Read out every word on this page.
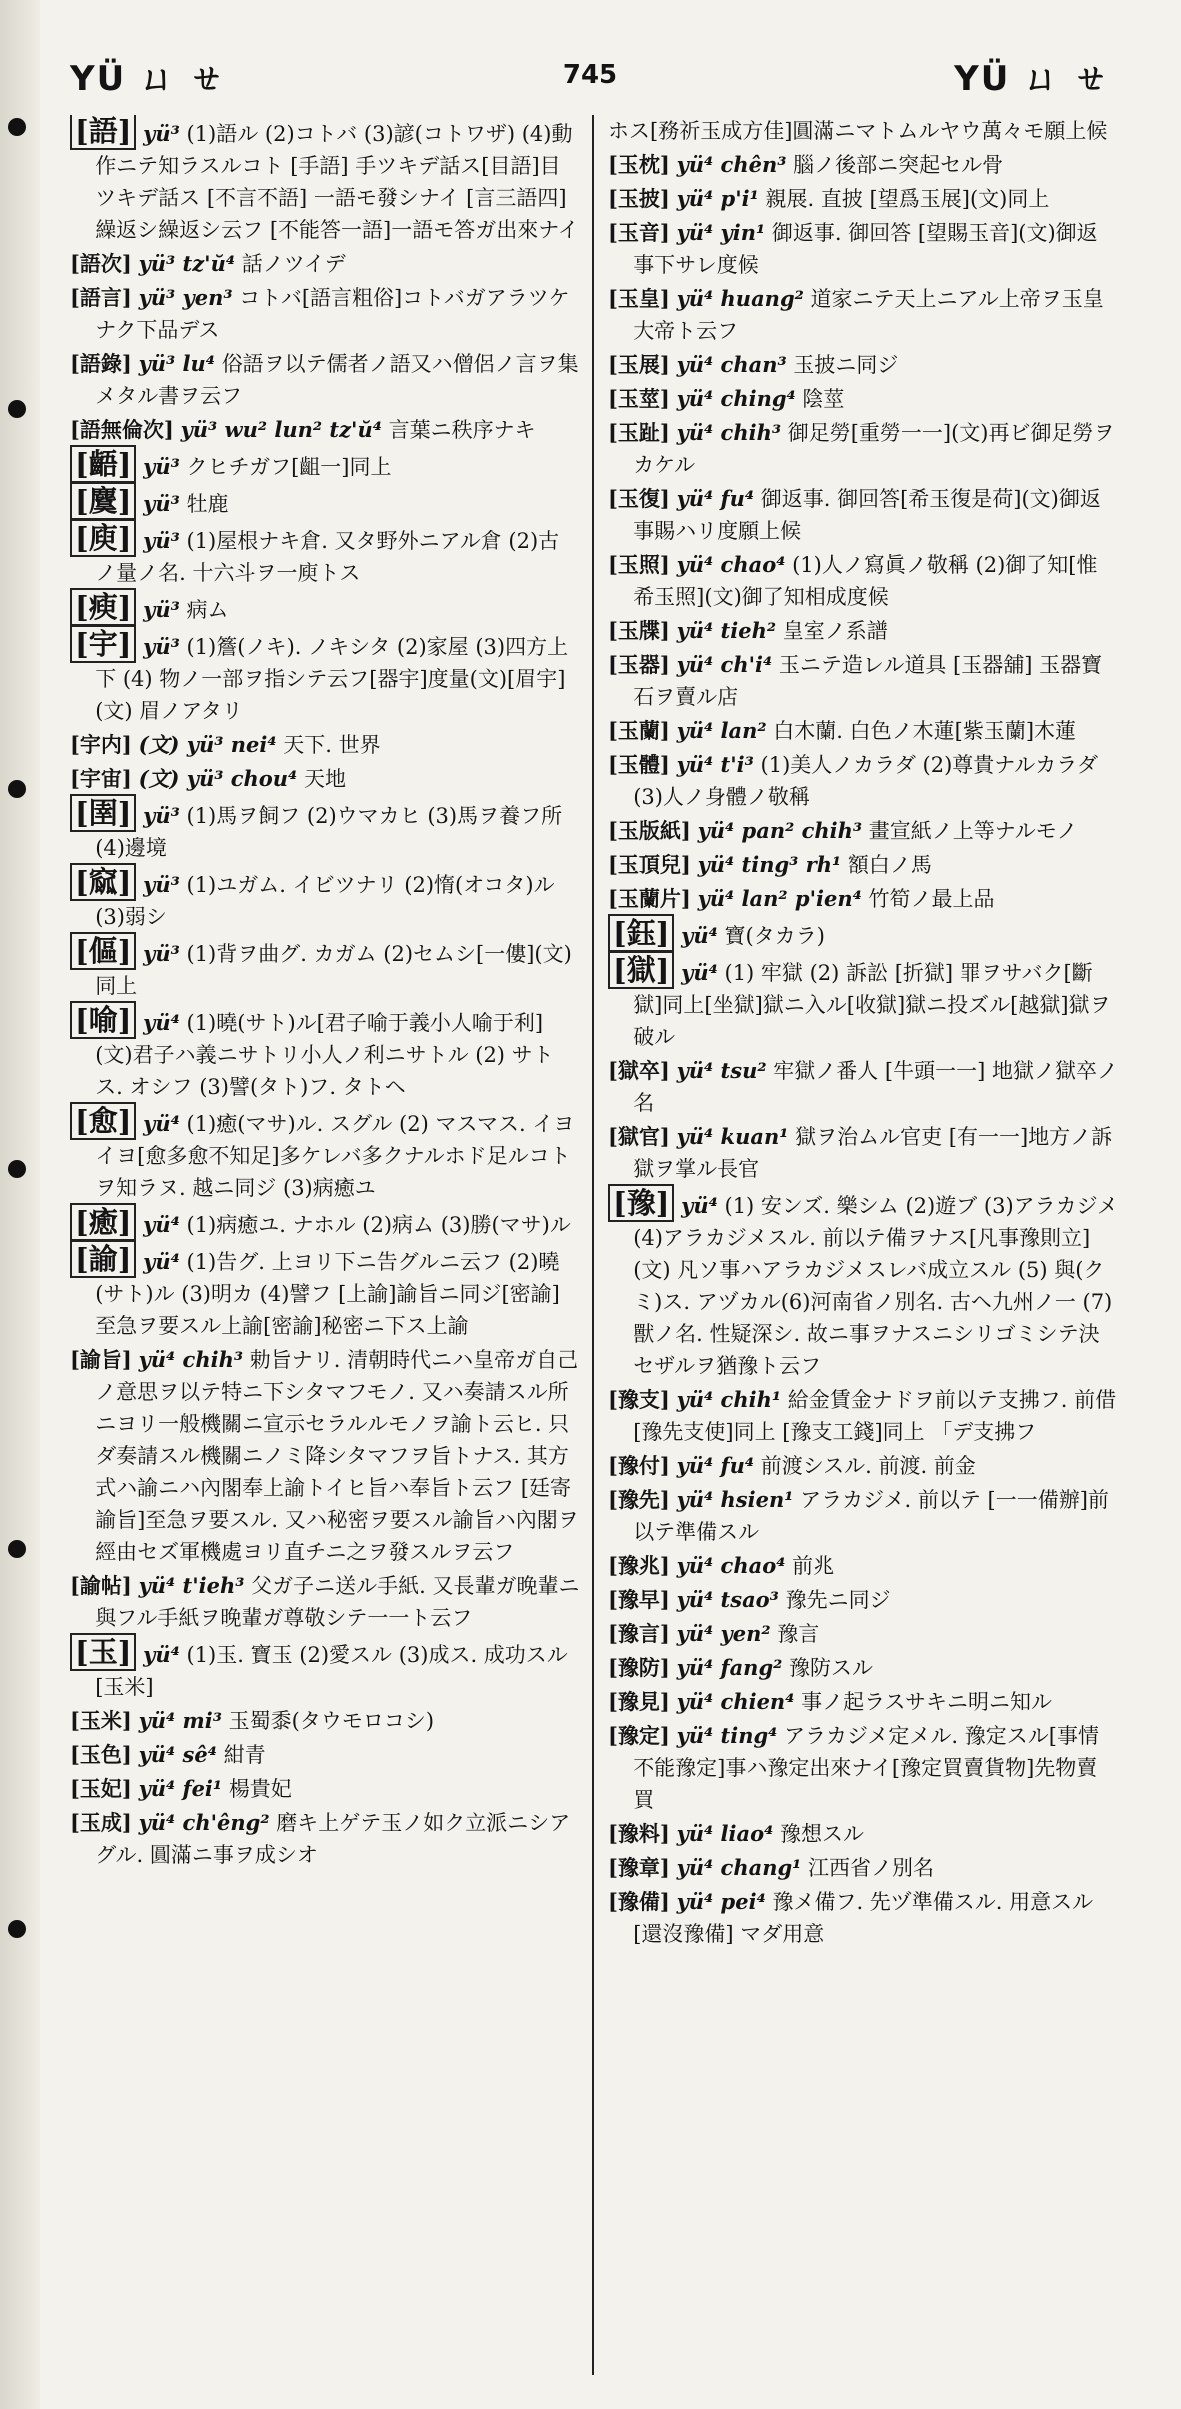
YÜ ㄩ ㄝ	745	YÜ ㄩ ㄝ
[語] yü³ (1)語ル (2)コトバ (3)諺(コトワザ) (4)動作ニテ知ラスルコト [手語] 手ツキデ話ス[目語]目ツキデ話ス [不言不語] 一語モ發シナイ [言三語四]繰返シ繰返シ云フ [不能答一語]一語モ答ガ出來ナイ
[語次] yü³ tz'ŭ⁴ 話ノツイデ
[語言] yü³ yen³ コトバ[語言粗俗]コトバガアラツケナク下品デス
[語錄] yü³ lu⁴ 俗語ヲ以テ儒者ノ語又ハ僧侶ノ言ヲ集メタル書ヲ云フ
[語無倫次] yü³ wu² lun² tz'ŭ⁴ 言葉ニ秩序ナキ
[齬] yü³ クヒチガフ[齟一]同上
[麌] yü³ 牡鹿
[庾] yü³ (1)屋根ナキ倉. 又タ野外ニアル倉 (2)古ノ量ノ名. 十六斗ヲ一庾トス
[瘐] yü³ 病ム
[宇] yü³ (1)簷(ノキ). ノキシタ (2)家屋 (3)四方上下 (4) 物ノ一部ヲ指シテ云フ[器宇]度量(文)[眉宇] (文) 眉ノアタリ
[宇内] (文) yü³ nei⁴ 天下. 世界
[宇宙] (文) yü³ chou⁴ 天地
[圉] yü³ (1)馬ヲ飼フ (2)ウマカヒ (3)馬ヲ養フ所 (4)邊境
[窳] yü³ (1)ユガム. イビツナリ (2)惰(オコタ)ル (3)弱シ
[傴] yü³ (1)背ヲ曲グ. カガム (2)セムシ[一僂](文)同上
[喻] yü⁴ (1)曉(サト)ル[君子喻于義小人喻于利](文)君子ハ義ニサトリ小人ノ利ニサトル (2) サトス. オシフ (3)譬(タト)フ. タトヘ
[愈] yü⁴ (1)癒(マサ)ル. スグル (2) マスマス. イヨイヨ[愈多愈不知足]多ケレバ多クナルホド足ルコトヲ知ラヌ. 越ニ同ジ (3)病癒ユ
[癒] yü⁴ (1)病癒ユ. ナホル (2)病ム (3)勝(マサ)ル
[諭] yü⁴ (1)告グ. 上ヨリ下ニ告グルニ云フ (2)曉(サト)ル (3)明カ (4)譬フ [上諭]諭旨ニ同ジ[密諭]至急ヲ要スル上諭[密諭]秘密ニ下ス上諭
[諭旨] yü⁴ chih³ 勅旨ナリ. 清朝時代ニハ皇帝ガ自己ノ意思ヲ以テ特ニ下シタマフモノ. 又ハ奏請スル所ニヨリ一般機關ニ宣示セラルルモノヲ諭ト云ヒ. 只ダ奏請スル機關ニノミ降シタマフヲ旨トナス. 其方式ハ諭ニハ內閣奉上諭トイヒ旨ハ奉旨ト云フ [廷寄諭旨]至急ヲ要スル. 又ハ秘密ヲ要スル諭旨ハ內閣ヲ經由セズ軍機處ヨリ直チニ之ヲ發スルヲ云フ
[諭帖] yü⁴ t'ieh³ 父ガ子ニ送ル手紙. 又長輩ガ晚輩ニ與フル手紙ヲ晚輩ガ尊敬シテ一一ト云フ
[玉] yü⁴ (1)玉. 寶玉 (2)愛スル (3)成ス. 成功スル [玉米]
[玉米] yü⁴ mi³ 玉蜀黍(タウモロコシ)
[玉色] yü⁴ sê⁴ 紺青
[玉妃] yü⁴ fei¹ 楊貴妃
[玉成] yü⁴ ch'êng² 磨キ上ゲテ玉ノ如ク立派ニシアグル. 圓滿ニ事ヲ成シオ
ホス[務祈玉成方佳]圓滿ニマトムルヤウ萬々モ願上候
[玉枕] yü⁴ chên³ 腦ノ後部ニ突起セル骨
[玉披] yü⁴ p'i¹ 親展. 直披 [望爲玉展](文)同上
[玉音] yü⁴ yin¹ 御返事. 御回答 [望賜玉音](文)御返事下サレ度候
[玉皇] yü⁴ huang² 道家ニテ天上ニアル上帝ヲ玉皇大帝ト云フ
[玉展] yü⁴ chan³ 玉披ニ同ジ
[玉莖] yü⁴ ching⁴ 陰莖
[玉趾] yü⁴ chih³ 御足勞[重勞一一](文)再ビ御足勞ヲカケル
[玉復] yü⁴ fu⁴ 御返事. 御回答[希玉復是荷](文)御返事賜ハリ度願上候
[玉照] yü⁴ chao⁴ (1)人ノ寫眞ノ敬稱 (2)御了知[惟希玉照](文)御了知相成度候
[玉牒] yü⁴ tieh² 皇室ノ系譜
[玉器] yü⁴ ch'i⁴ 玉ニテ造レル道具 [玉器舖] 玉器寶石ヲ賣ル店
[玉蘭] yü⁴ lan² 白木蘭. 白色ノ木蓮[紫玉蘭]木蓮
[玉體] yü⁴ t'i³ (1)美人ノカラダ (2)尊貴ナルカラダ (3)人ノ身體ノ敬稱
[玉版紙] yü⁴ pan² chih³ 畫宣紙ノ上等ナルモノ
[玉頂兒] yü⁴ ting³ rh¹ 額白ノ馬
[玉蘭片] yü⁴ lan² p'ien⁴ 竹筍ノ最上品
[鈺] yü⁴ 寶(タカラ)
[獄] yü⁴ (1) 牢獄 (2) 訴訟 [折獄] 罪ヲサバク[斷獄]同上[坐獄]獄ニ入ル[收獄]獄ニ投ズル[越獄]獄ヲ破ル
[獄卒] yü⁴ tsu² 牢獄ノ番人 [牛頭一一] 地獄ノ獄卒ノ名
[獄官] yü⁴ kuan¹ 獄ヲ治ムル官吏 [有一一]地方ノ訴獄ヲ掌ル長官
[豫] yü⁴ (1) 安ンズ. 樂シム (2)遊ブ (3)アラカジメ (4)アラカジメスル. 前以テ備ヲナス[凡事豫則立](文) 凡ソ事ハアラカジメスレバ成立スル (5) 與(クミ)ス. アヅカル(6)河南省ノ別名. 古ヘ九州ノ一 (7)獸ノ名. 性疑深シ. 故ニ事ヲナスニシリゴミシテ決セザルヲ猶豫ト云フ
[豫支] yü⁴ chih¹ 給金賃金ナドヲ前以テ支拂フ. 前借[豫先支使]同上 [豫支工錢]同上 「デ支拂フ
[豫付] yü⁴ fu⁴ 前渡シスル. 前渡. 前金
[豫先] yü⁴ hsien¹ アラカジメ. 前以テ [一一備辦]前以テ準備スル
[豫兆] yü⁴ chao⁴ 前兆
[豫早] yü⁴ tsao³ 豫先ニ同ジ
[豫言] yü⁴ yen² 豫言
[豫防] yü⁴ fang² 豫防スル
[豫見] yü⁴ chien⁴ 事ノ起ラスサキニ明ニ知ル
[豫定] yü⁴ ting⁴ アラカジメ定メル. 豫定スル[事情不能豫定]事ハ豫定出來ナイ[豫定買賣貨物]先物賣買
[豫料] yü⁴ liao⁴ 豫想スル
[豫章] yü⁴ chang¹ 江西省ノ別名
[豫備] yü⁴ pei⁴ 豫メ備フ. 先ヅ準備スル. 用意スル [還沒豫備] マダ用意
